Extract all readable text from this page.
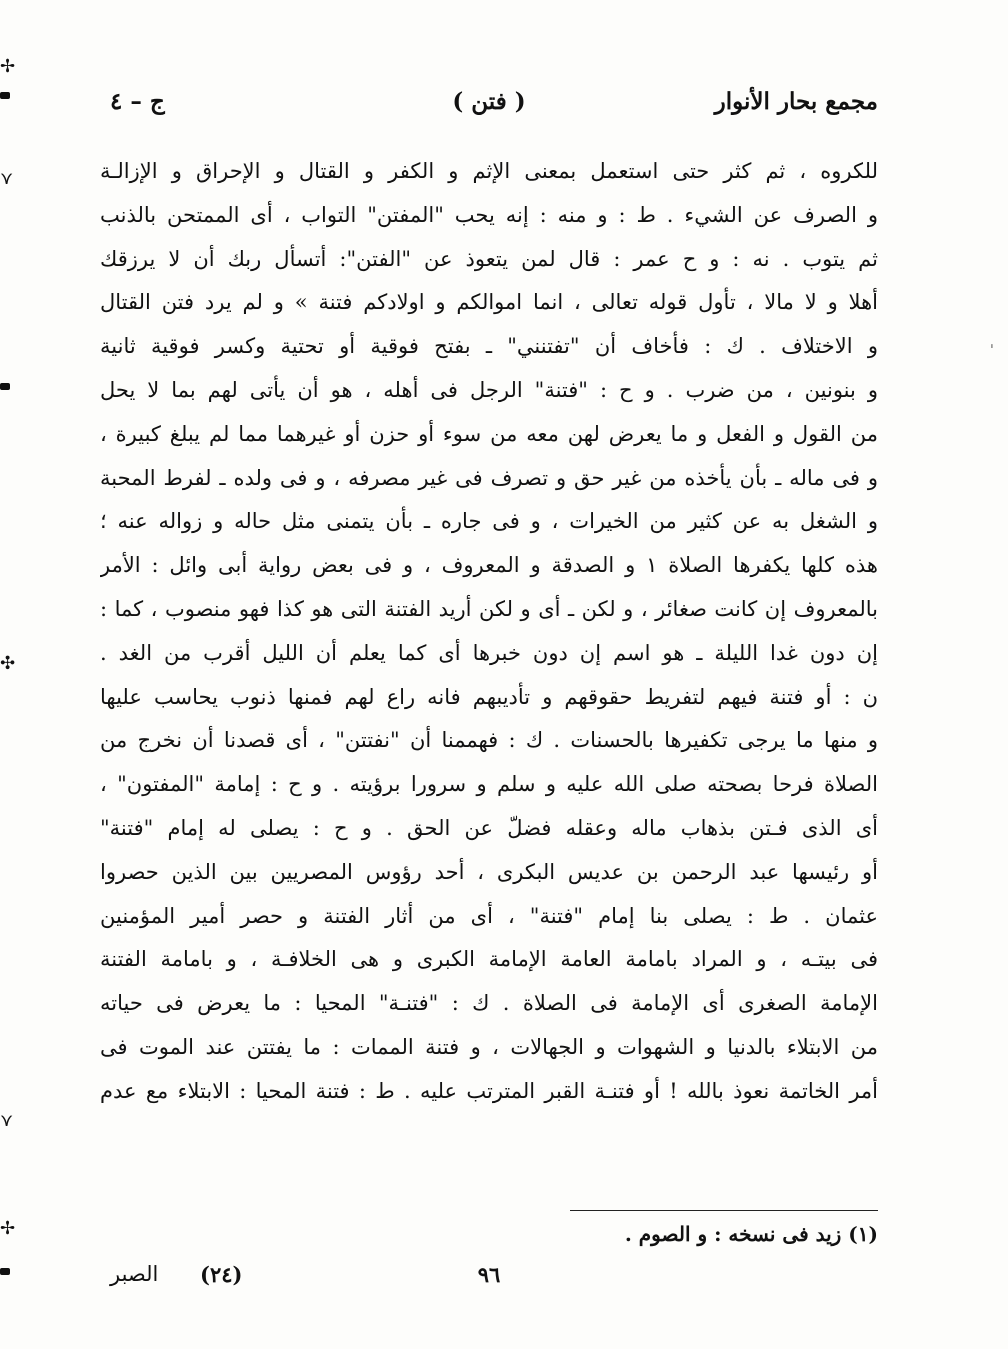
✢
⋎
✣
⋎
✢
ˈ
مجمع بحار الأنوار
( فتن )
ج – ٤
للكروه ، ثم كثر حتى استعمل بمعنى الإثم و الكفر و القتال و الإحراق و الإزالـة
و الصرف عن الشيء . ط : و منه : إنه يحب "المفتن" التواب ، أى الممتحن بالذنب
ثم يتوب . نه : و ح عمر : قال لمن يتعوذ عن "الفتن": أتسأل ربك أن لا يرزقك
أهلا و لا مالا ، تأول قوله تعالى ، انما اموالكم و اولادكم فتنة » و لم يرد فتن القتال
و الاختلاف . ك : فأخاف أن "تفتنني" ـ بفتح فوقية أو تحتية وكسر فوقية ثانية
و بنونين ، من ضرب . و ح : "فتنة" الرجل فى أهله ، هو أن يأتى لهم بما لا يحل
من القول و الفعل و ما يعرض لهن معه من سوء أو حزن أو غيرهما مما لم يبلغ كبيرة ،
و فى ماله ـ بأن يأخذه من غير حق و تصرف فى غير مصرفه ، و فى ولده ـ لفرط المحبة
و الشغل به عن كثير من الخيرات ، و فى جاره ـ بأن يتمنى مثل حاله و زواله عنه ؛
هذه كلها يكفرها الصلاة ١ و الصدقة و المعروف ، و فى بعض رواية أبى وائل : الأمر
بالمعروف إن كانت صغائر ، و لكن ـ أى و لكن أريد الفتنة التى هو كذا فهو منصوب ، كما :
إن دون غدا الليلة ـ هو اسم إن دون خبرها أى كما يعلم أن الليل أقرب من الغد .
ن : أو فتنة فيهم لتفريط حقوقهم و تأديبهم فانه راع لهم فمنها ذنوب يحاسب عليها
و منها ما يرجى تكفيرها بالحسنات . ك : فهممنا أن "نفتتن" ، أى قصدنا أن نخرج من
الصلاة فرحا بصحته صلى الله عليه و سلم و سرورا برؤيته . و ح : إمامة "المفتون" ،
أى الذى فـتن بذهاب ماله وعقله فضلّ عن الحق . و ح : يصلى له إمام "فتنة"
أو رئيسها عبد الرحمن بن عديس البكرى ، أحد رؤوس المصريين بين الذين حصروا
عثمان . ط : يصلى بنا إمام "فتنة" ، أى من أثار الفتنة و حصر أمير المؤمنين
فى بيتـه ، و المراد بامامة العامة الإمامة الكبرى و هى الخلافـة ، و بامامة الفتنة
الإمامة الصغرى أى الإمامة فى الصلاة . ك : "فتنـة" المحيا : ما يعرض فى حياته
من الابتلاء بالدنيا و الشهوات و الجهالات ، و فتنة الممات : ما يفتتن عند الموت فى
أمر الخاتمة نعوذ بالله ! أو فتنـة القبر المترتب عليه . ط : فتنة المحيا : الابتلاء مع عدم
(١) زيد فى نسخه : و الصوم .
٩٦
(٢٤)
الصبر
